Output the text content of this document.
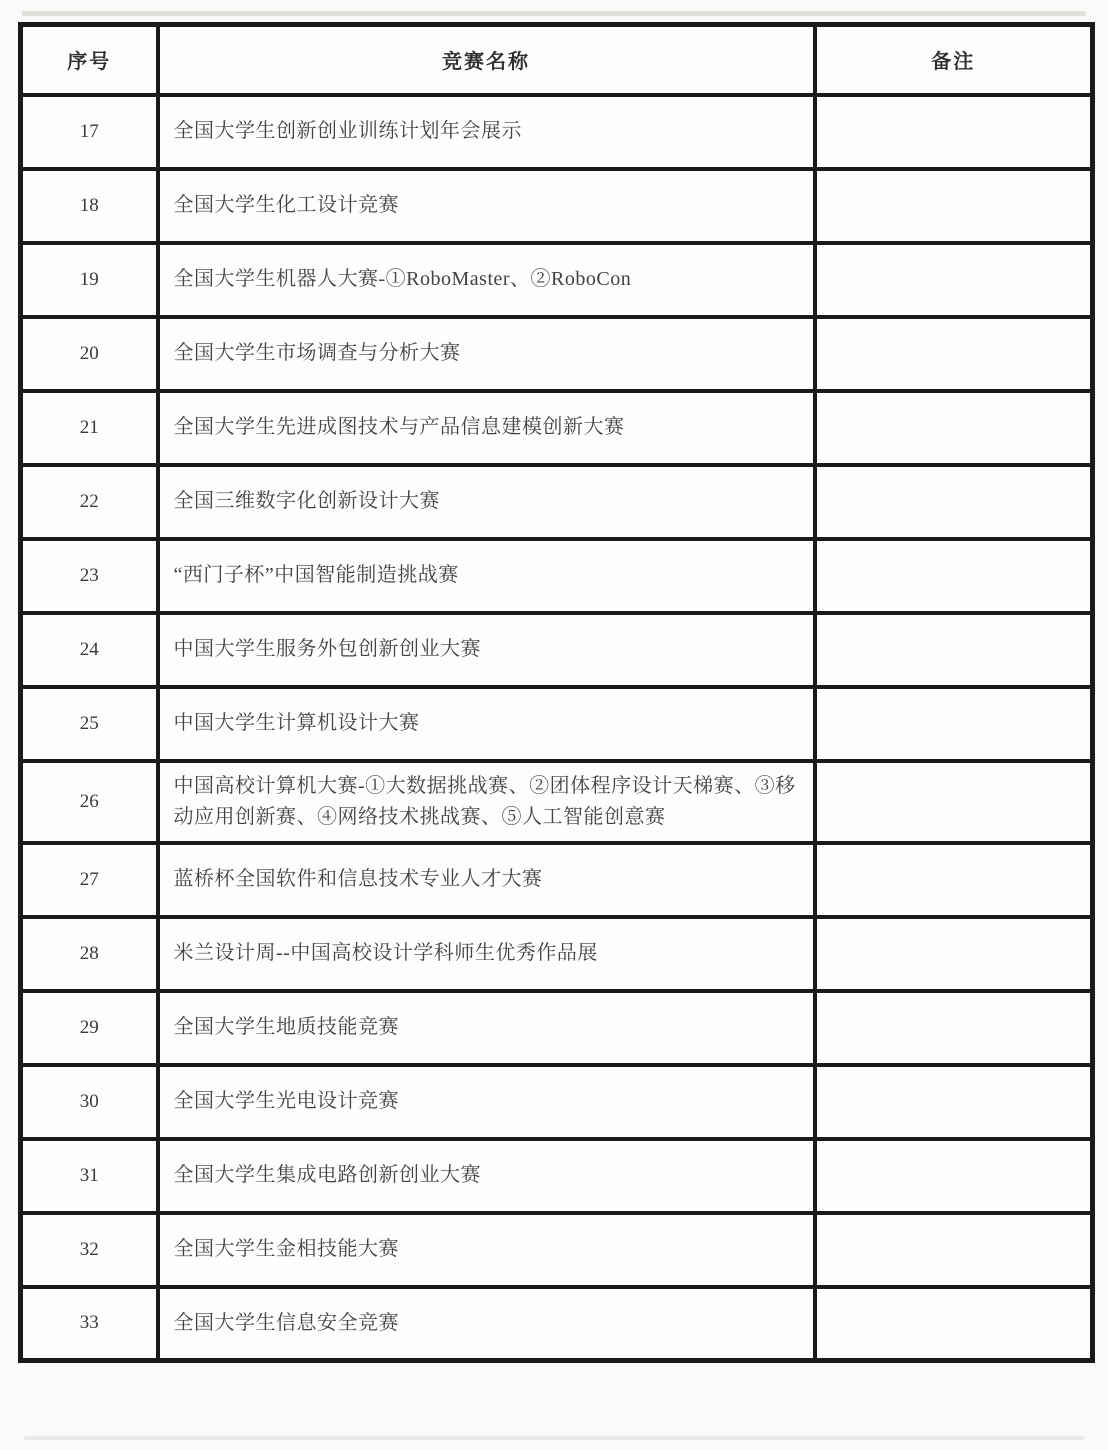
序号	竞赛名称	备注
17	全国大学生创新创业训练计划年会展示	
18	全国大学生化工设计竞赛	
19	全国大学生机器人大赛-①RoboMaster、②RoboCon	
20	全国大学生市场调查与分析大赛	
21	全国大学生先进成图技术与产品信息建模创新大赛	
22	全国三维数字化创新设计大赛	
23	“西门子杯”中国智能制造挑战赛	
24	中国大学生服务外包创新创业大赛	
25	中国大学生计算机设计大赛	
26	中国高校计算机大赛-①大数据挑战赛、②团体程序设计天梯赛、③移动应用创新赛、④网络技术挑战赛、⑤人工智能创意赛	
27	蓝桥杯全国软件和信息技术专业人才大赛	
28	米兰设计周--中国高校设计学科师生优秀作品展	
29	全国大学生地质技能竞赛	
30	全国大学生光电设计竞赛	
31	全国大学生集成电路创新创业大赛	
32	全国大学生金相技能大赛	
33	全国大学生信息安全竞赛	
